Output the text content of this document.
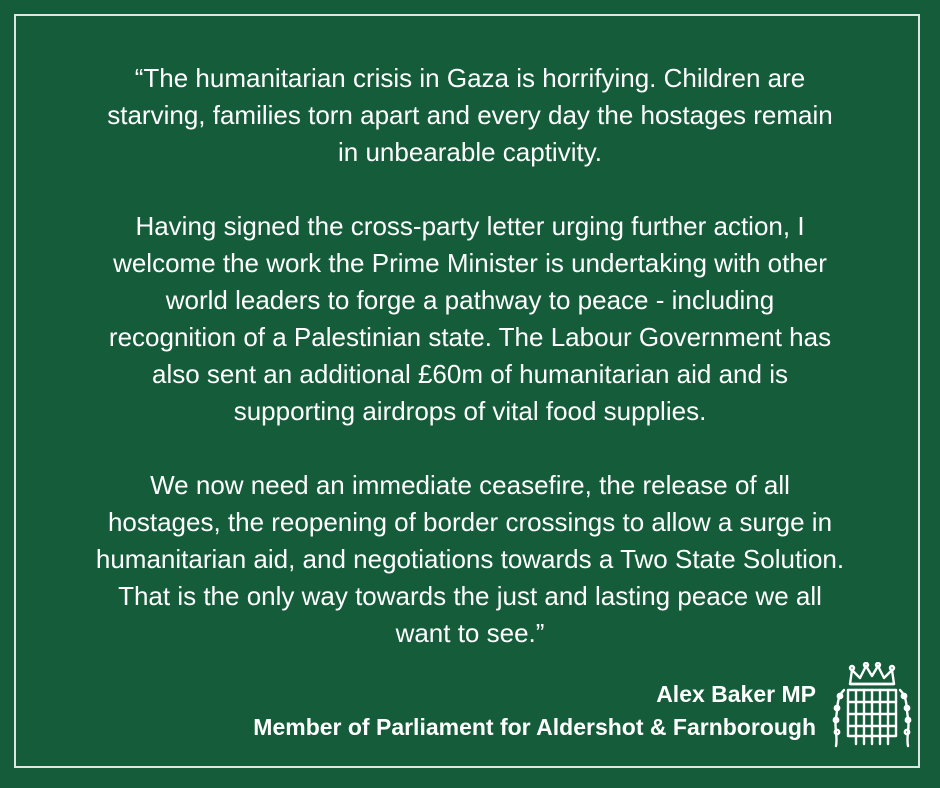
“The humanitarian crisis in Gaza is horrifying. Children are
starving, families torn apart and every day the hostages remain
in unbearable captivity.

Having signed the cross-party letter urging further action, I
welcome the work the Prime Minister is undertaking with other
world leaders to forge a pathway to peace - including
recognition of a Palestinian state. The Labour Government has
also sent an additional £60m of humanitarian aid and is
supporting airdrops of vital food supplies.

We now need an immediate ceasefire, the release of all
hostages, the reopening of border crossings to allow a surge in
humanitarian aid, and negotiations towards a Two State Solution.
That is the only way towards the just and lasting peace we all
want to see.”

Alex Baker MP
Member of Parliament for Aldershot & Farnborough
